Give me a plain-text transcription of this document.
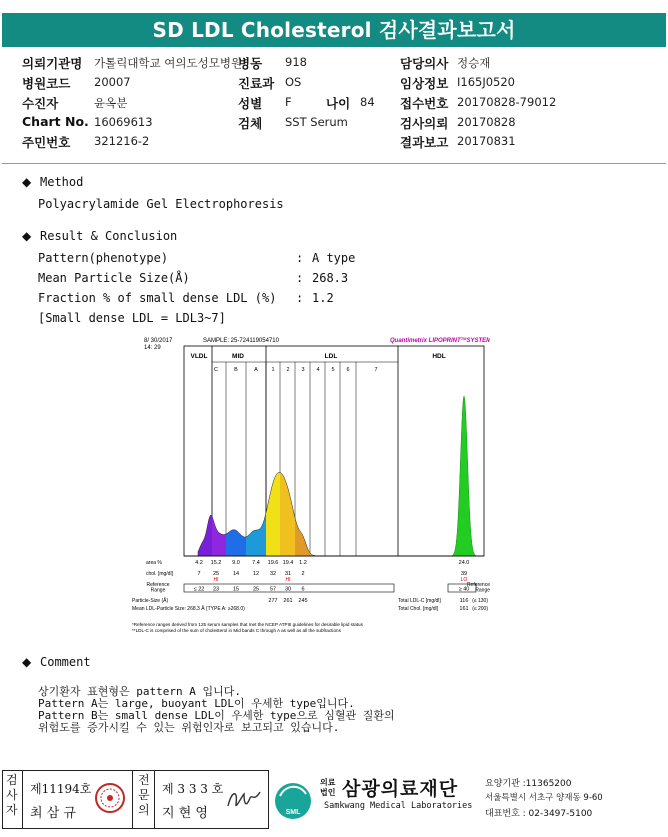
SD LDL Cholesterol 검사결과보고서
의뢰기관명 가톨릭대학교 여의도성모병원
병동 918	담당의사 정승재
병원코드 20007	진료과 OS	임상정보 I165J0520
수진자	윤옥분	성별 F	나이 84 접수번호 20170828-79012
Chart No. 16069613	검체 SST Serum	검사의뢰 20170828
주민번호 321216-2	결과보고 20170831
◆ Method
Polyacrylamide Gel Electrophoresis
◆ Result & Conclusion
Pattern(phenotype)	: A type
Mean Particle Size(Å)	: 268.3
Fraction % of small dense LDL (%) : 1.2
[Small dense LDL = LDL3~7]
8/ 30/2017
14: 29
SAMPLE: 25-724119054710	Quantimetrix LIPOPRINT™SYSTEM
VLDL	MID	LDL	HDL
C	B	A 1 2 3 4 5 6	7
area %
chol. [mg/dl]
4.2 15.2 9.0 7.4 19.6 19.4 1.2	24.0
7 25	14	12 32 31 2	39
HI	HI	LO
Reference Range	≤ 22 23	15	25 57 30 6	≥ 40
Reference Range
Particle-Size (Å)	277 261 245
Mean LDL-Particle Size: 268.3 Å (TYPE A: ≥268.0)
Total LDL-C [mg/dl]	116 (≤ 130)
Total Chol. [mg/dl]	161 (≤ 200)
*Reference ranges derived from 125 serum samples that met the NCEP ATPIII guidelines for desirable lipid status
**LDL-C is comprised of the sum of cholesterol in Mid bands C through A as well as all the subfractions
◆ Comment
상기환자 표현형은 pattern A 입니다.
Pattern A는 large, buoyant LDL이 우세한 type입니다.
Pattern B는 small dense LDL이 우세한 type으로 심혈관 질환의
위험도를 증가시킬 수 있는 위험인자로 보고되고 있습니다.
검사자
제11194호
최 삼 규
전문의
제 3 3 3 호
지 현 영	SML
의료
법인 삼광의료재단
Samkwang Medical Laboratories
요양기관 :11365200
서울특별시 서초구 양재동 9-60
대표번호 : 02-3497-5100
